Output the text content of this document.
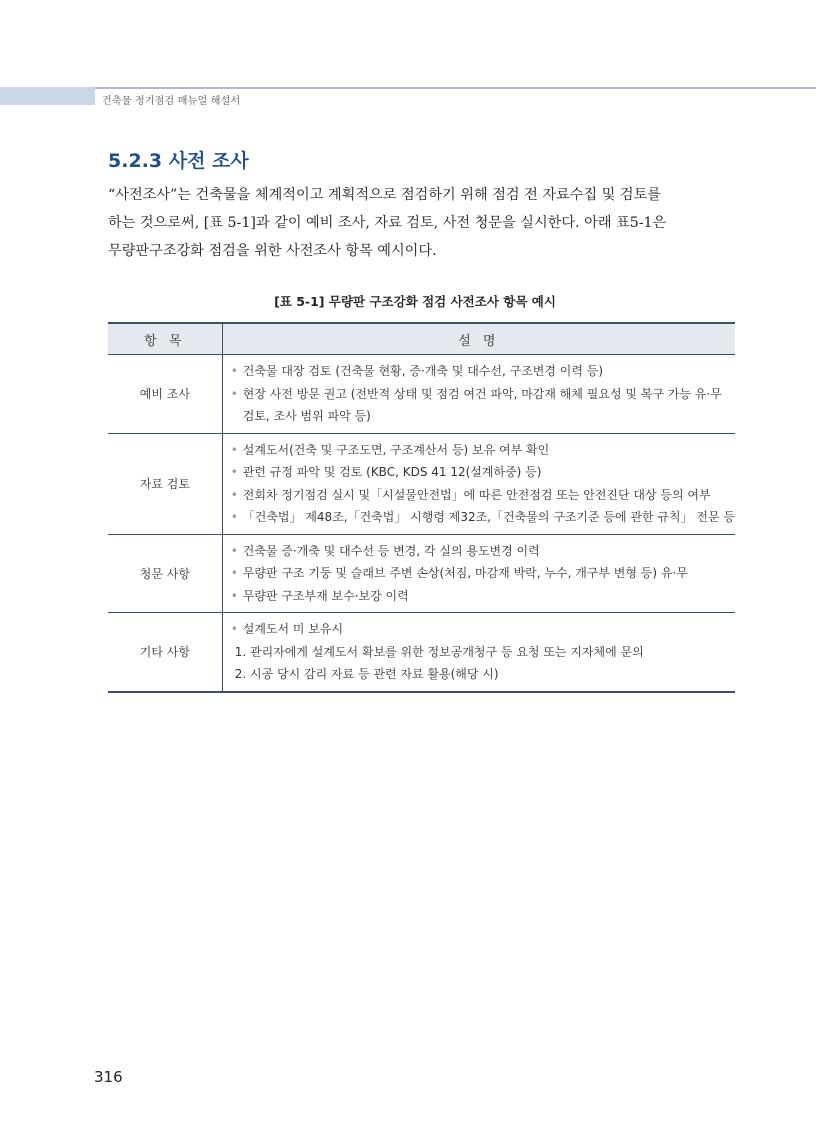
건축물 정기점검 매뉴얼 해설서
5.2.3 사전 조사
“사전조사”는 건축물을 체계적이고 계획적으로 점검하기 위해 점검 전 자료수집 및 검토를
하는 것으로써, [표 5-1]과 같이 예비 조사, 자료 검토, 사전 청문을 실시한다. 아래 표5-1은
무량판구조강화 점검을 위한 사전조사 항목 예시이다.
[표 5-1] 무량판 구조강화 점검 사전조사 항목 예시
항 목	설 명
예비 조사	• 건축물 대장 검토 (건축물 현황, 증·개축 및 대수선, 구조변경 이력 등)
• 현장 사전 방문 권고 (전반적 상태 및 점검 여건 파악, 마감재 해체 필요성 및 복구 가능 유·무
검토, 조사 범위 파악 등)

자료 검토	• 설계도서(건축 및 구조도면, 구조계산서 등) 보유 여부 확인
• 관련 규정 파악 및 검토 (KBC, KDS 41 12(설계하중) 등)
• 전회차 정기점검 실시 및「시설물안전법」에 따른 안전점검 또는 안전진단 대상 등의 여부
• 「건축법」 제48조,「건축법」 시행령 제32조,「건축물의 구조기준 등에 관한 규칙」 전문 등

청문 사항	• 건축물 증·개축 및 대수선 등 변경, 각 실의 용도변경 이력
• 무량판 구조 기둥 및 슬래브 주변 손상(처짐, 마감재 박락, 누수, 개구부 변형 등) 유·무
• 무량판 구조부재 보수·보강 이력

기타 사항	• 설계도서 미 보유시
1. 관리자에게 설계도서 확보를 위한 정보공개청구 등 요청 또는 지자체에 문의
2. 시공 당시 감리 자료 등 관련 자료 활용(해당 시)
316
